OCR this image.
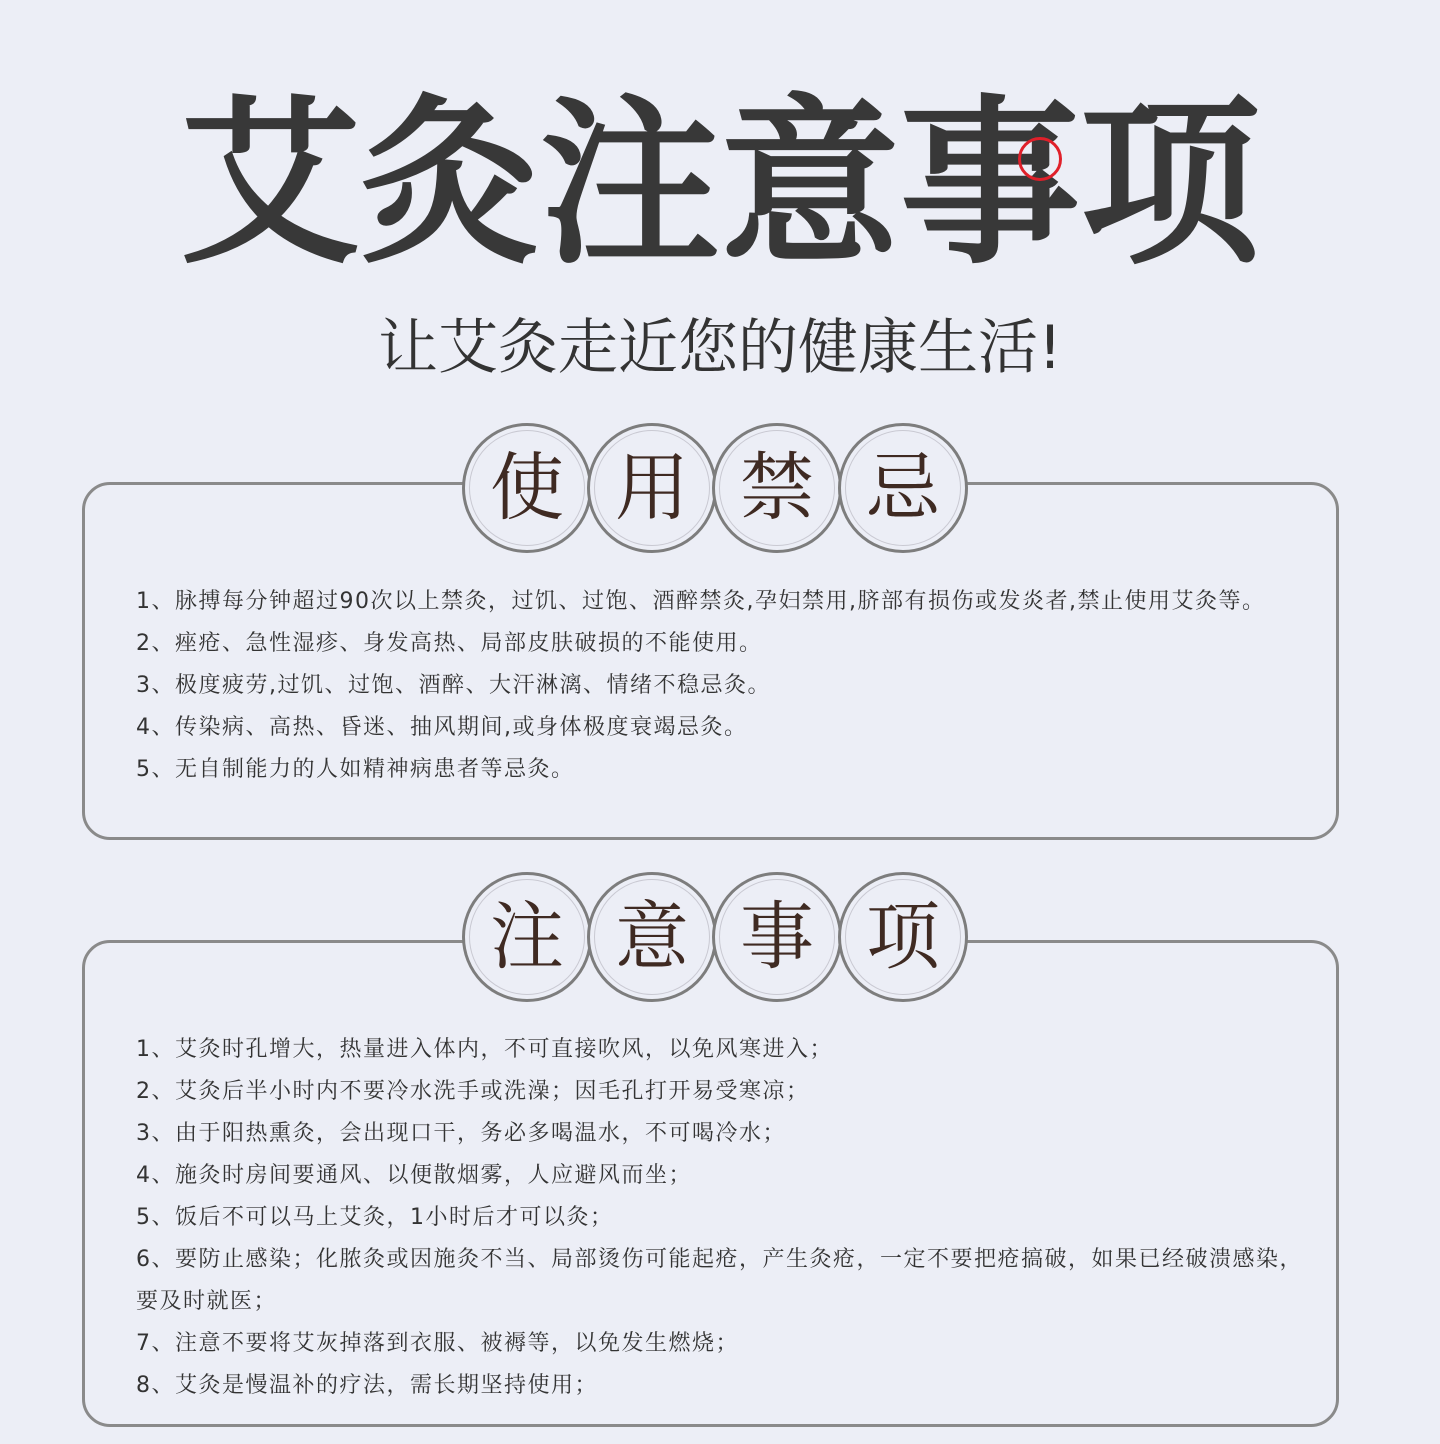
艾灸注意事项
让艾灸走近您的健康生活!
使 用 禁 忌
1、脉搏每分钟超过90次以上禁灸，过饥、过饱、酒醉禁灸,孕妇禁用,脐部有损伤或发炎者,禁止使用艾灸等。
2、痤疮、急性湿疹、身发高热、局部皮肤破损的不能使用。
3、极度疲劳,过饥、过饱、酒醉、大汗淋漓、情绪不稳忌灸。
4、传染病、高热、昏迷、抽风期间,或身体极度衰竭忌灸。
5、无自制能力的人如精神病患者等忌灸。
注 意 事 项
1、艾灸时孔增大，热量进入体内，不可直接吹风，以免风寒进入；
2、艾灸后半小时内不要冷水洗手或洗澡；因毛孔打开易受寒凉；
3、由于阳热熏灸，会出现口干，务必多喝温水，不可喝冷水；
4、施灸时房间要通风、以便散烟雾，人应避风而坐；
5、饭后不可以马上艾灸，1小时后才可以灸；
6、要防止感染；化脓灸或因施灸不当、局部烫伤可能起疮，产生灸疮，一定不要把疮搞破，如果已经破溃感染，要及时就医；
7、注意不要将艾灰掉落到衣服、被褥等，以免发生燃烧；
8、艾灸是慢温补的疗法，需长期坚持使用；
